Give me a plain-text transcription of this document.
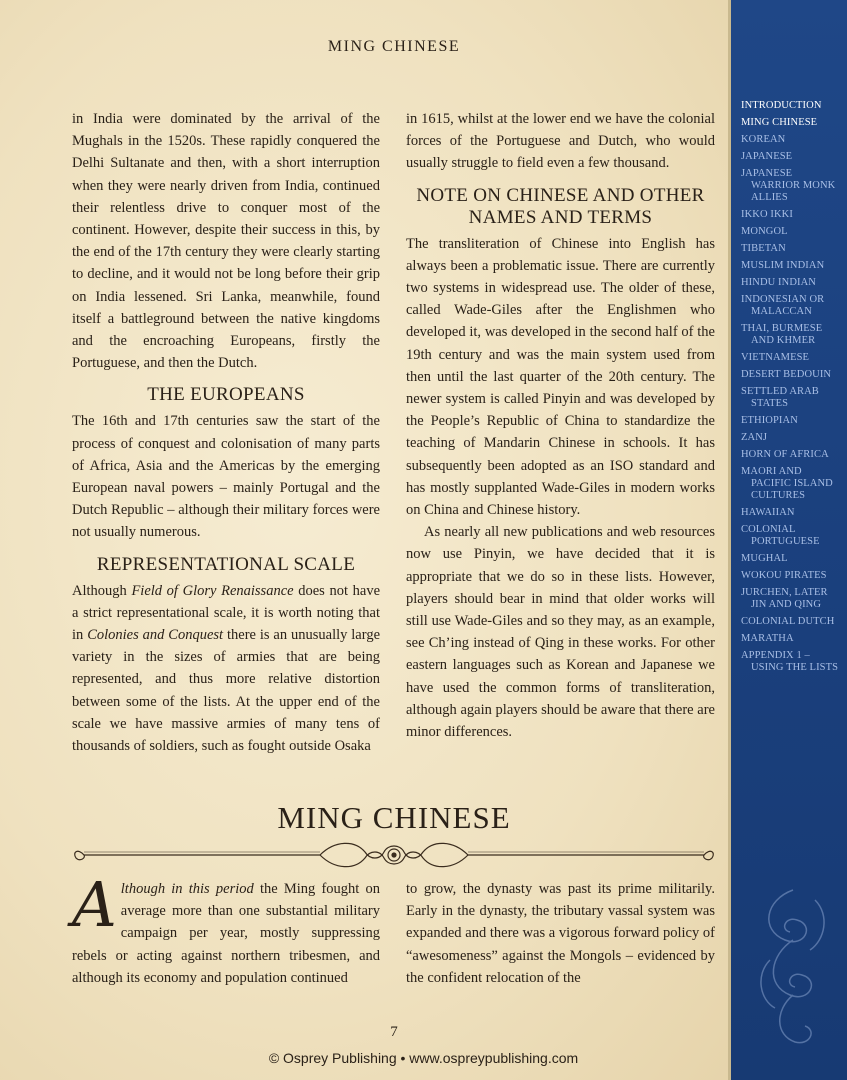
MING CHINESE

in India were dominated by the arrival of the Mughals in the 1520s. These rapidly conquered the Delhi Sultanate and then, with a short interruption when they were nearly driven from India, continued their relentless drive to conquer most of the continent. However, despite their success in this, by the end of the 17th century they were clearly starting to decline, and it would not be long before their grip on India lessened. Sri Lanka, meanwhile, found itself a battleground between the native kingdoms and the encroaching Europeans, firstly the Portuguese, and then the Dutch.

THE EUROPEANS

The 16th and 17th centuries saw the start of the process of conquest and colonisation of many parts of Africa, Asia and the Americas by the emerging European naval powers – mainly Portugal and the Dutch Republic – although their military forces were not usually numerous.

REPRESENTATIONAL SCALE

Although Field of Glory Renaissance does not have a strict representational scale, it is worth noting that in Colonies and Conquest there is an unusually large variety in the sizes of armies that are being represented, and thus more relative distortion between some of the lists. At the upper end of the scale we have massive armies of many tens of thousands of soldiers, such as fought outside Osaka

in 1615, whilst at the lower end we have the colonial forces of the Portuguese and Dutch, who would usually struggle to field even a few thousand.

NOTE ON CHINESE AND OTHER NAMES AND TERMS

The transliteration of Chinese into English has always been a problematic issue. There are currently two systems in widespread use. The older of these, called Wade-Giles after the Englishmen who developed it, was developed in the second half of the 19th century and was the main system used from then until the last quarter of the 20th century. The newer system is called Pinyin and was developed by the People’s Republic of China to standardize the teaching of Mandarin Chinese in schools. It has subsequently been adopted as an ISO standard and has mostly supplanted Wade-Giles in modern works on China and Chinese history.

As nearly all new publications and web resources now use Pinyin, we have decided that it is appropriate that we do so in these lists. However, players should bear in mind that older works will still use Wade-Giles and so they may, as an example, see Ch’ing instead of Qing in these works. For other eastern languages such as Korean and Japanese we have used the common forms of transliteration, although again players should be aware that there are minor differences.

MING CHINESE

Although in this period the Ming fought on average more than one substantial military campaign per year, mostly suppressing rebels or acting against northern tribesmen, and although its economy and population continued

to grow, the dynasty was past its prime militarily. Early in the dynasty, the tributary vassal system was expanded and there was a vigorous forward policy of “awesomeness” against the Mongols – evidenced by the confident relocation of the

7
© Osprey Publishing • www.ospreypublishing.com
INTRODUCTION
MING CHINESE
KOREAN
JAPANESE
JAPANESE
WARRIOR MONK ALLIES
IKKO IKKI
MONGOL
TIBETAN
MUSLIM INDIAN
HINDU INDIAN
INDONESIAN OR
MALACCAN
THAI, BURMESE
AND KHMER
VIETNAMESE
DESERT BEDOUIN
SETTLED ARAB
STATES
ETHIOPIAN
ZANJ
HORN OF AFRICA
MAORI AND
PACIFIC ISLAND CULTURES
HAWAIIAN
COLONIAL
PORTUGUESE
MUGHAL
WOKOU PIRATES
JURCHEN, LATER
JIN AND QING
COLONIAL DUTCH
MARATHA
APPENDIX 1 –
USING THE LISTS
